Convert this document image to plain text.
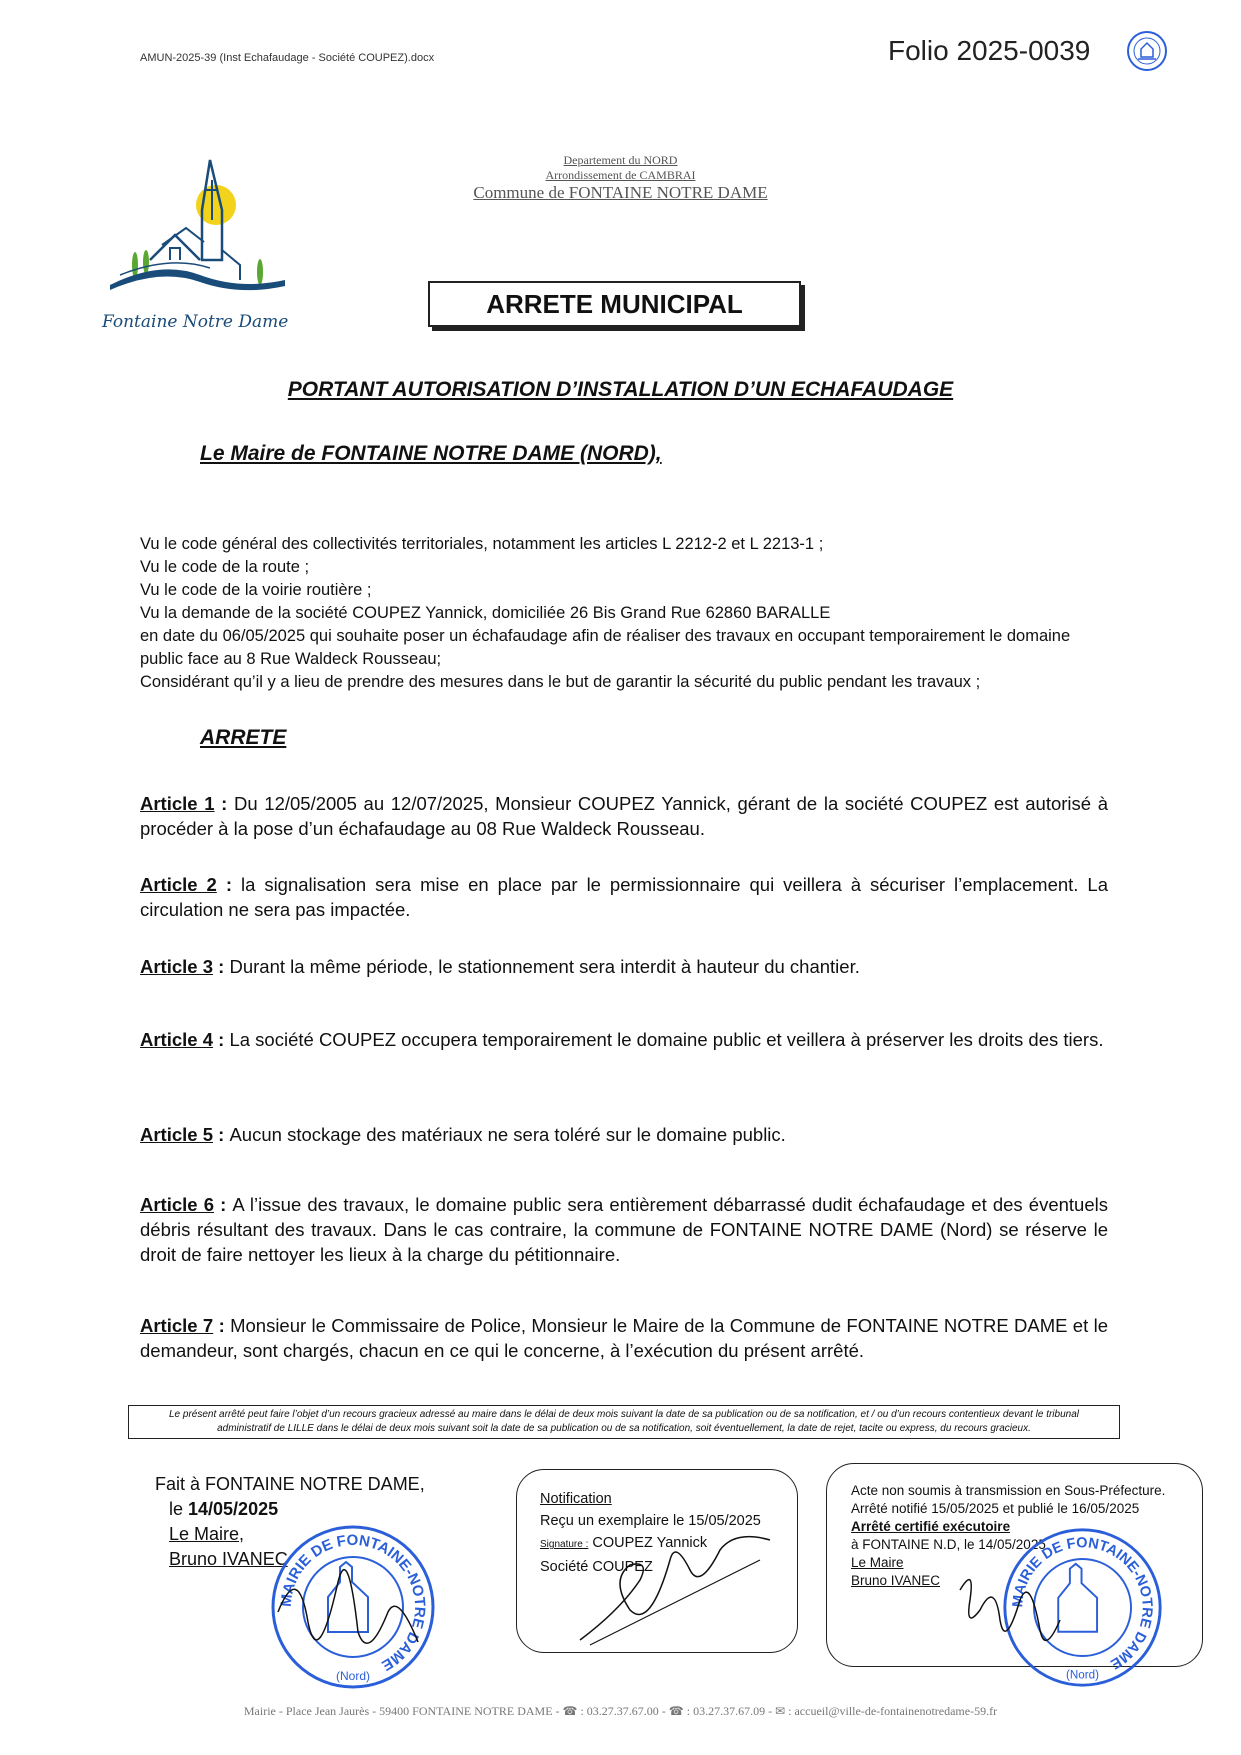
AMUN-2025-39 (Inst Echafaudage - Société COUPEZ).docx	Folio 2025-0039
Fontaine Notre Dame
Departement du NORD
Arrondissement de CAMBRAI
Commune de FONTAINE NOTRE DAME
ARRETE MUNICIPAL
PORTANT AUTORISATION D’INSTALLATION D’UN ECHAFAUDAGE
Le Maire de FONTAINE NOTRE DAME (NORD),
Vu le code général des collectivités territoriales, notamment les articles L 2212-2 et L 2213-1 ;
Vu le code de la route ;
Vu le code de la voirie routière ;
Vu la demande de la société COUPEZ Yannick, domiciliée 26 Bis Grand Rue 62860 BARALLE
en date du 06/05/2025 qui souhaite poser un échafaudage afin de réaliser des travaux en occupant temporairement le domaine
public face au 8 Rue Waldeck Rousseau;
Considérant qu’il y a lieu de prendre des mesures dans le but de garantir la sécurité du public pendant les travaux ;
ARRETE
Article 1 : Du 12/05/2005 au 12/07/2025, Monsieur COUPEZ Yannick, gérant de la société COUPEZ est autorisé à procéder à la pose d’un échafaudage au 08 Rue Waldeck Rousseau.
Article 2 : la signalisation sera mise en place par le permissionnaire qui veillera à sécuriser l’emplacement. La circulation ne sera pas impactée.
Article 3 : Durant la même période, le stationnement sera interdit à hauteur du chantier.
Article 4 : La société COUPEZ occupera temporairement le domaine public et veillera à préserver les droits des tiers.
Article 5 : Aucun stockage des matériaux ne sera toléré sur le domaine public.
Article 6 : A l’issue des travaux, le domaine public sera entièrement débarrassé dudit échafaudage et des éventuels débris résultant des travaux. Dans le cas contraire, la commune de FONTAINE NOTRE DAME (Nord) se réserve le droit de faire nettoyer les lieux à la charge du pétitionnaire.
Article 7 : Monsieur le Commissaire de Police, Monsieur le Maire de la Commune de FONTAINE NOTRE DAME et le demandeur, sont chargés, chacun en ce qui le concerne, à l’exécution du présent arrêté.
Le présent arrêté peut faire l’objet d’un recours gracieux adressé au maire dans le délai de deux mois suivant la date de sa publication ou de sa notification, et / ou d’un recours contentieux devant le tribunal
administratif de LILLE dans le délai de deux mois suivant soit la date de sa publication ou de sa notification, soit éventuellement, la date de rejet, tacite ou express, du recours gracieux.
Fait à FONTAINE NOTRE DAME,
le 14/05/2025
Le Maire,
Bruno IVANEC
MAIRIE DE FONTAINE-NOTRE DAME
(Nord)
Notification
Reçu un exemplaire le 15/05/2025
Signature : COUPEZ Yannick
Société COUPEZ
Acte non soumis à transmission en Sous-Préfecture.
Arrêté notifié 15/05/2025 et publié le 16/05/2025
Arrêté certifié exécutoire
à FONTAINE N.D, le 14/05/2025
Le Maire
Bruno IVANEC
MAIRIE DE FONTAINE-NOTRE DAME
(Nord)
Mairie - Place Jean Jaurès - 59400 FONTAINE NOTRE DAME - ☎ : 03.27.37.67.00 - ☎ : 03.27.37.67.09 - ✉ : accueil@ville-de-fontainenotredame-59.fr
